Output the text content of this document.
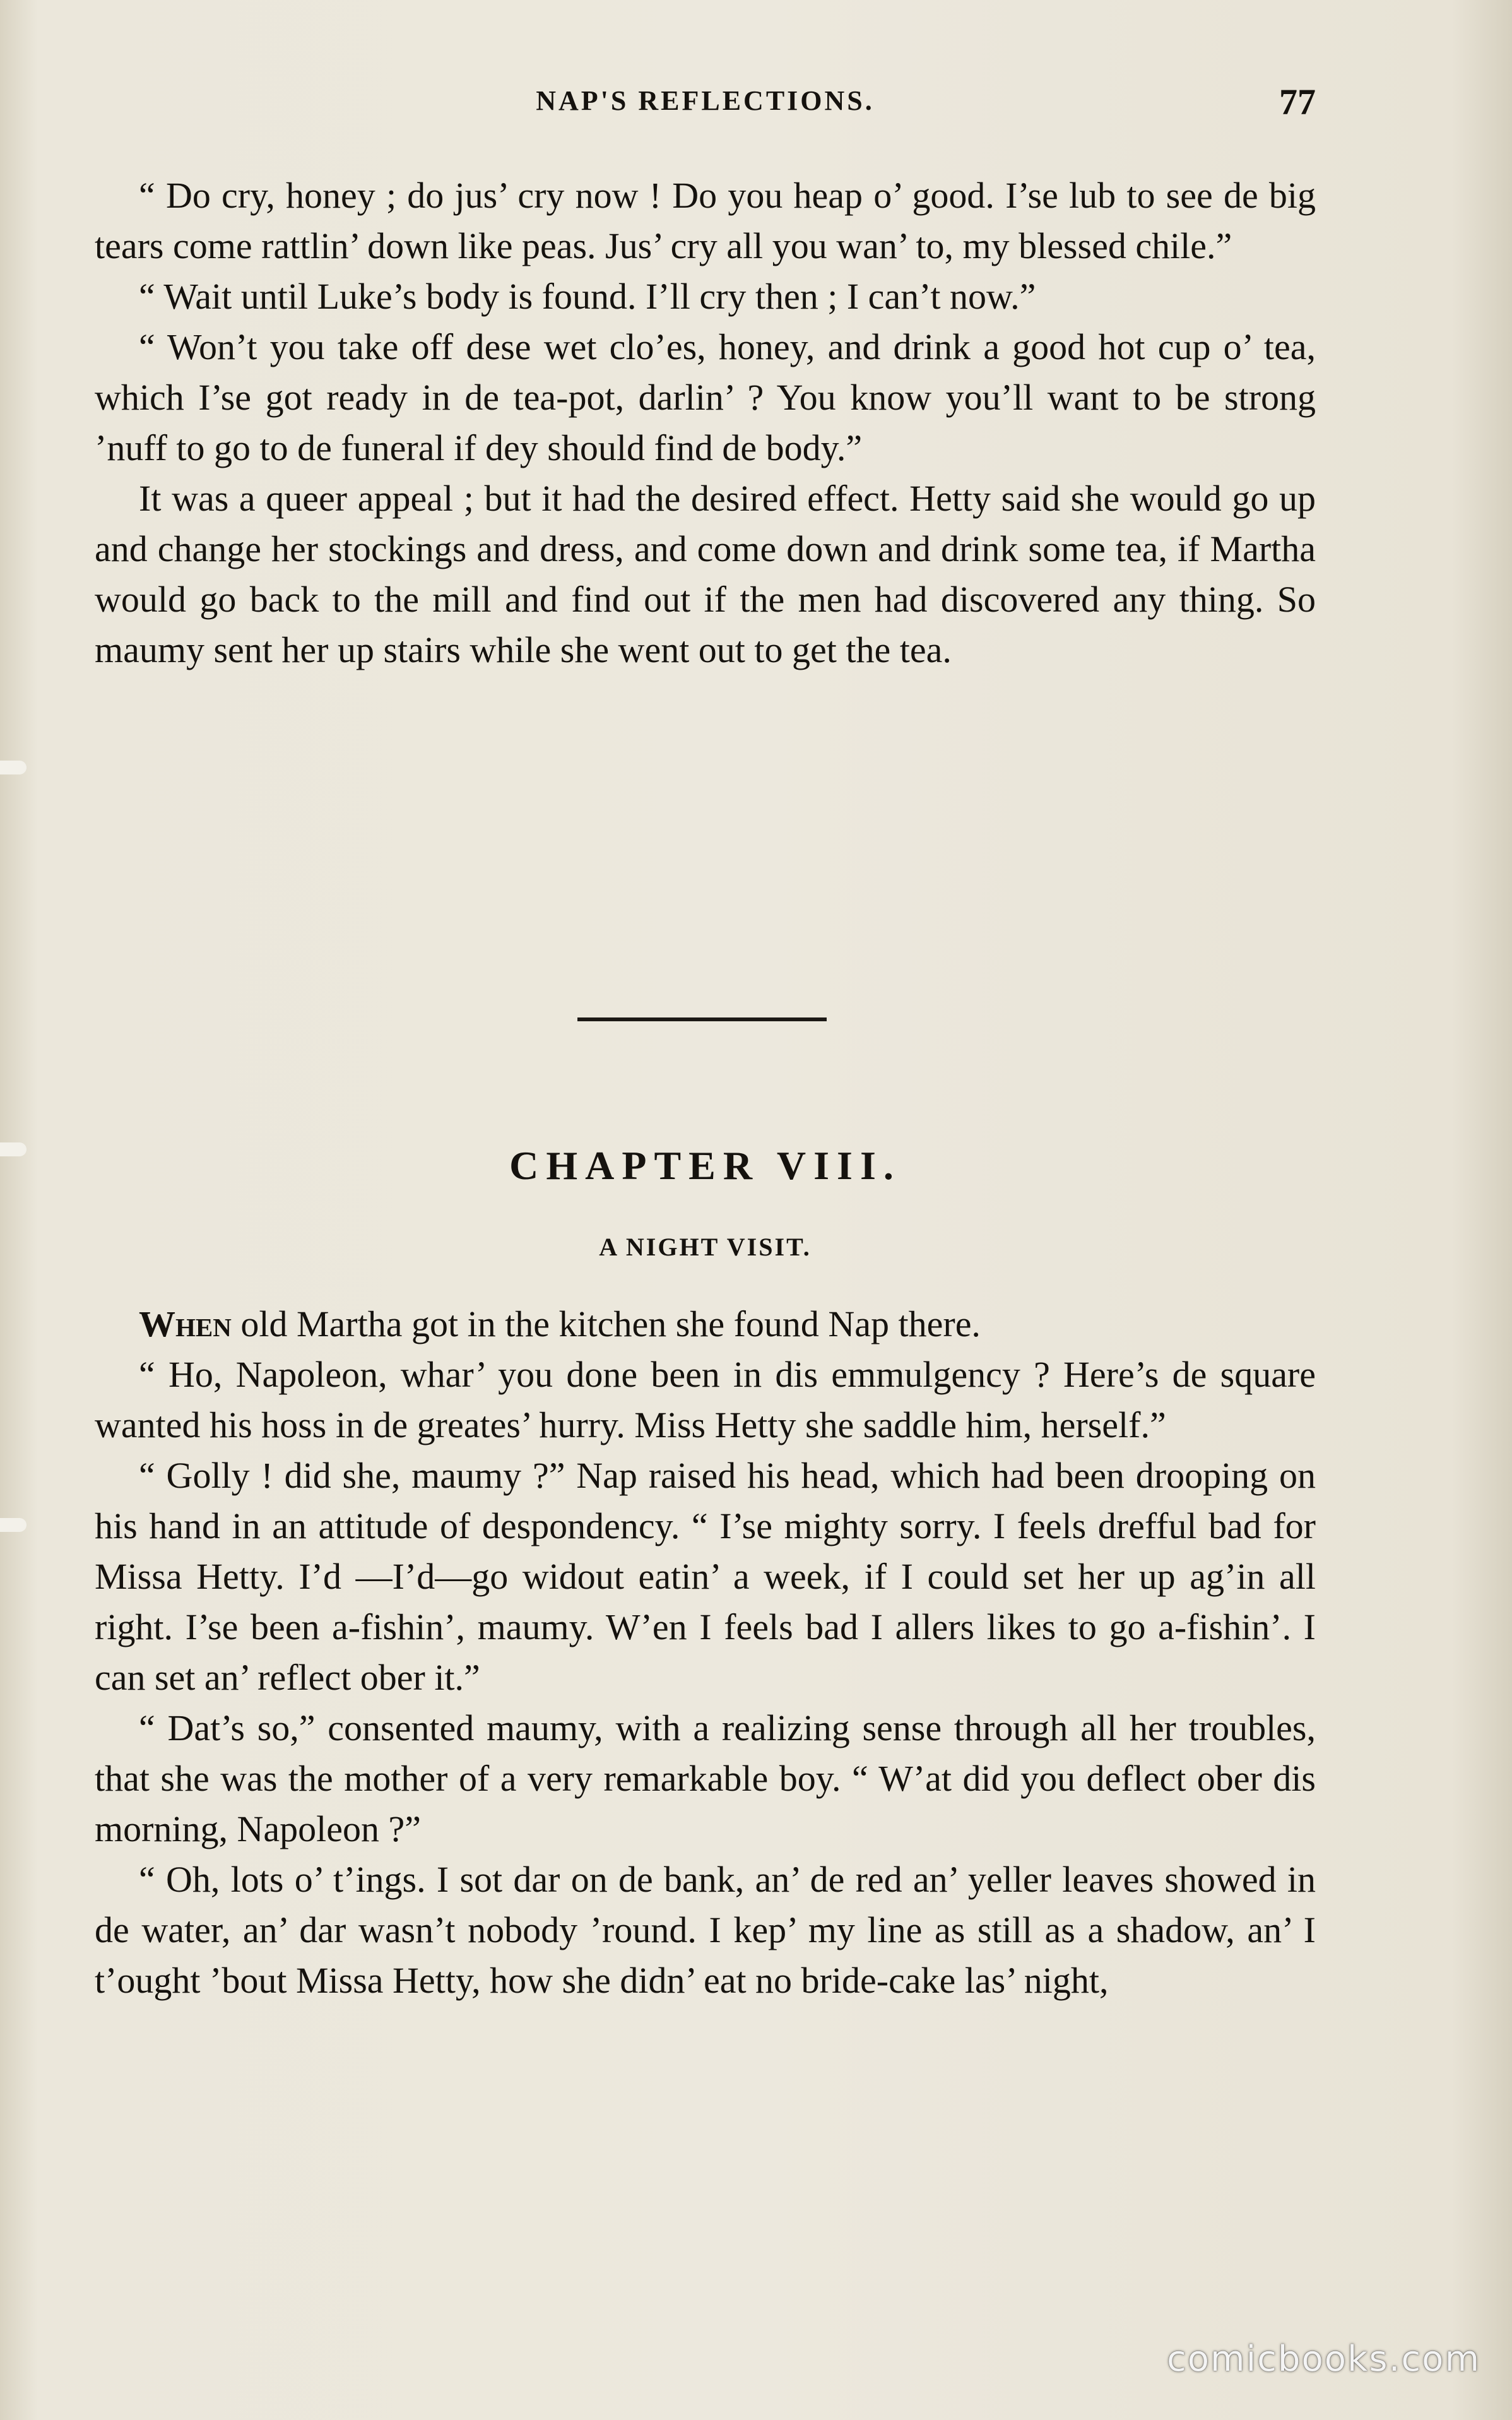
NAP'S REFLECTIONS.	77

“ Do cry, honey ; do jus’ cry now ! Do you heap o’ good. I’se lub to see de big tears come rattlin’ down like peas. Jus’ cry all you wan’ to, my blessed chile.”

“ Wait until Luke’s body is found. I’ll cry then ; I can’t now.”

“ Won’t you take off dese wet clo’es, honey, and drink a good hot cup o’ tea, which I’se got ready in de tea-pot, darlin’ ? You know you’ll want to be strong ’nuff to go to de funeral if dey should find de body.”

It was a queer appeal ; but it had the desired effect. Hetty said she would go up and change her stockings and dress, and come down and drink some tea, if Martha would go back to the mill and find out if the men had discovered any thing. So maumy sent her up stairs while she went out to get the tea.

CHAPTER VIII.
A NIGHT VISIT.

When old Martha got in the kitchen she found Nap there.

“ Ho, Napoleon, whar’ you done been in dis emmulgency ? Here’s de square wanted his hoss in de greates’ hurry. Miss Hetty she saddle him, herself.”

“ Golly ! did she, maumy ?” Nap raised his head, which had been drooping on his hand in an attitude of despondency. “ I’se mighty sorry. I feels drefful bad for Missa Hetty. I’d —I’d—go widout eatin’ a week, if I could set her up ag’in all right. I’se been a-fishin’, maumy. W’en I feels bad I allers likes to go a-fishin’. I can set an’ reflect ober it.”

“ Dat’s so,” consented maumy, with a realizing sense through all her troubles, that she was the mother of a very remarkable boy. “ W’at did you deflect ober dis morning, Napoleon ?”

“ Oh, lots o’ t’ings. I sot dar on de bank, an’ de red an’ yeller leaves showed in de water, an’ dar wasn’t nobody ’round. I kep’ my line as still as a shadow, an’ I t’ought ’bout Missa Hetty, how she didn’ eat no bride-cake las’ night,

comicbooks.com
